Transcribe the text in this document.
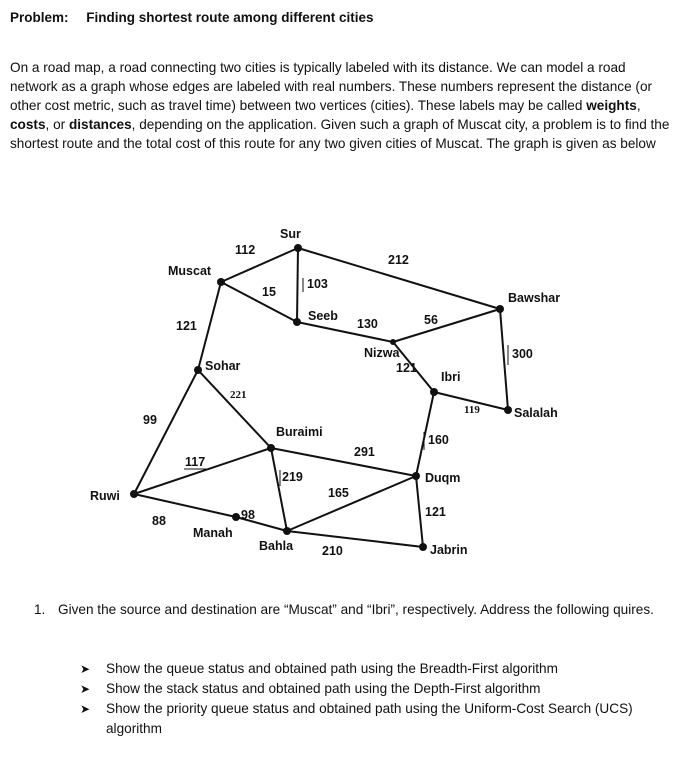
Problem: Finding shortest route among different cities
On a road map, a road connecting two cities is typically labeled with its distance. We can model a road network as a graph whose edges are labeled with real numbers. These numbers represent the distance (or other cost metric, such as travel time) between two vertices (cities). These labels may be called weights, costs, or distances, depending on the application. Given such a graph of Muscat city, a problem is to find the shortest route and the total cost of this route for any two given cities of Muscat. The graph is given as below
Sur
Muscat
Seeb
Bawshar
Nizwa
Sohar
Ibri
Salalah
Buraimi
Ruwi
Duqm
Manah
Bahla	Jabrin
112
212
15
103
130	56
121
300
121
221
119
99
160
291
117
219
165
88	98	121
210
1. Given the source and destination are “Muscat” and “Ibri”, respectively. Address the following quires.
➤ Show the queue status and obtained path using the Breadth-First algorithm
➤ Show the stack status and obtained path using the Depth-First algorithm
➤ Show the priority queue status and obtained path using the Uniform-Cost Search (UCS) algorithm
